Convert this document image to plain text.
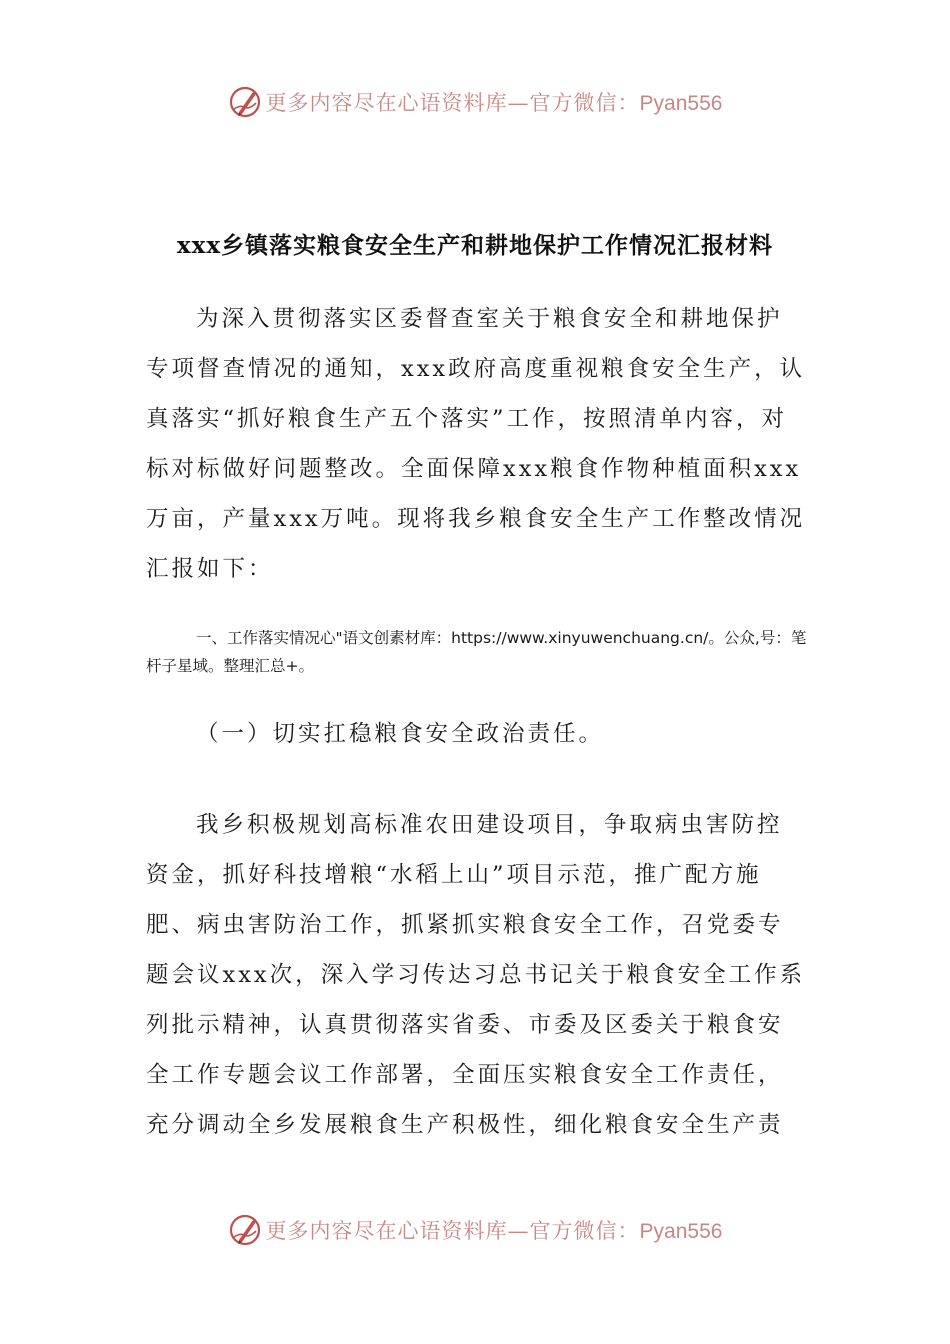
更多内容尽在心语资料库—官方微信：Pyan556
xxx乡镇落实粮食安全生产和耕地保护工作情况汇报材料

为深入贯彻落实区委督查室关于粮食安全和耕地保护专项督查情况的通知，xxx政府高度重视粮食安全生产，认真落实“抓好粮食生产五个落实”工作，按照清单内容，对标对标做好问题整改。全面保障xxx粮食作物种植面积xxx万亩，产量xxx万吨。现将我乡粮食安全生产工作整改情况汇报如下：

一、工作落实情况心"语文创素材库：https://www.xinyuwenchuang.cn/。公众,号：笔杆子星域。整理汇总+。

（一）切实扛稳粮食安全政治责任。

我乡积极规划高标准农田建设项目，争取病虫害防控资金，抓好科技增粮“水稻上山”项目示范，推广配方施肥、病虫害防治工作，抓紧抓实粮食安全工作，召党委专题会议xxx次，深入学习传达习总书记关于粮食安全工作系列批示精神，认真贯彻落实省委、市委及区委关于粮食安全工作专题会议工作部署，全面压实粮食安全工作责任，充分调动全乡发展粮食生产积极性，细化粮食安全生产责

更多内容尽在心语资料库—官方微信：Pyan556
